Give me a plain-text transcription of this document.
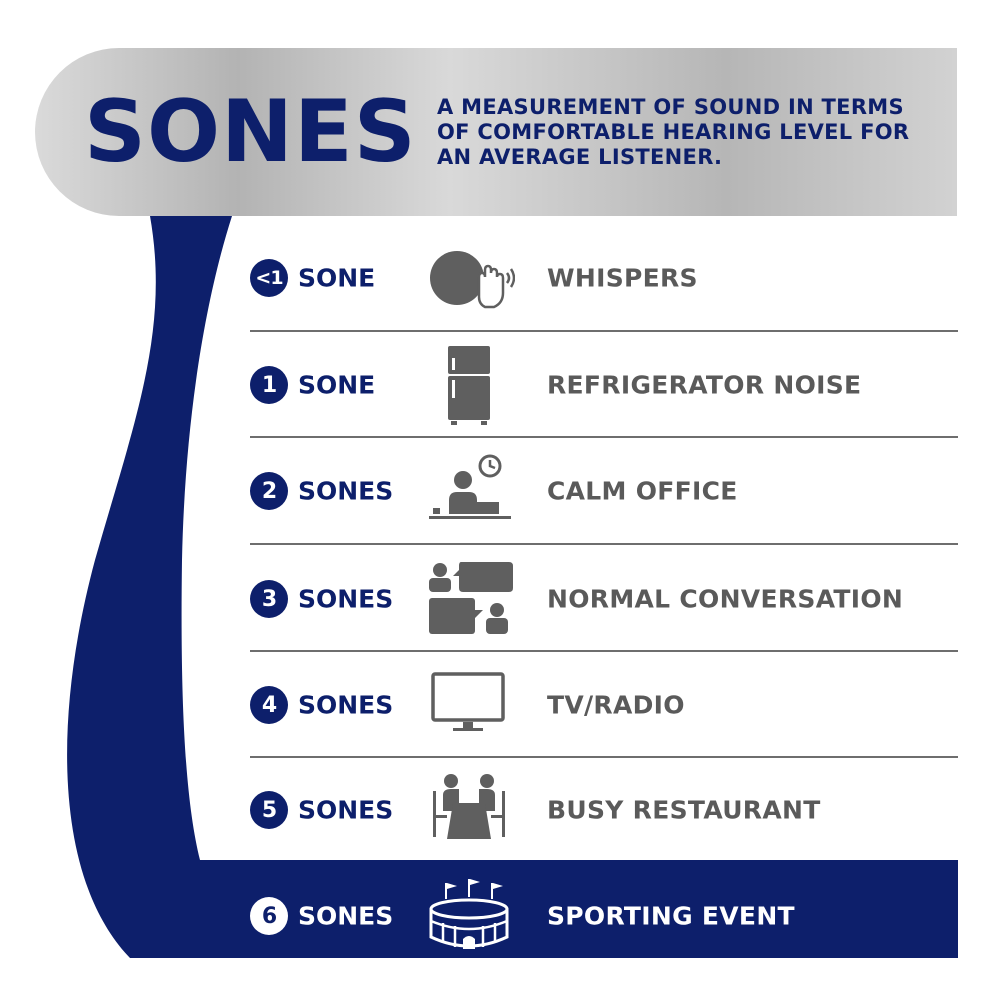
SONES A MEASUREMENT OF SOUND IN TERMS OF COMFORTABLE HEARING LEVEL FOR AN AVERAGE LISTENER.
<1 SONE	WHISPERS
1 SONE	REFRIGERATOR NOISE
2 SONES	CALM OFFICE
3 SONES	NORMAL CONVERSATION
4 SONES	TV/RADIO
5 SONES	BUSY RESTAURANT
6 SONES	SPORTING EVENT
